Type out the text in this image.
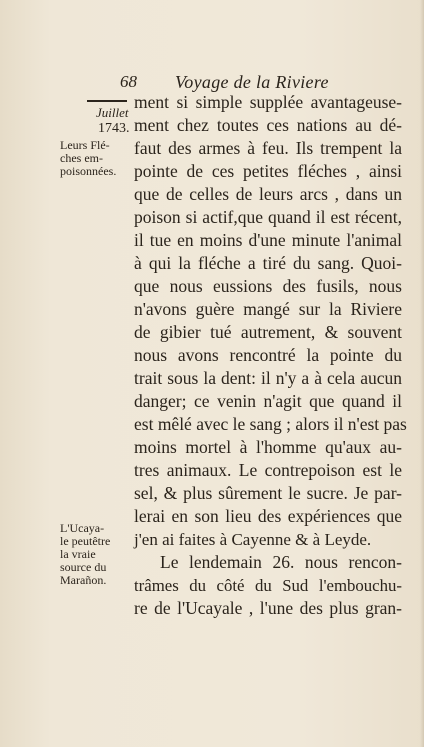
68 Voyage de la Riviere
Juillet
1743.
Leurs Flé-
ches em-
poisonnées.
L'Ucaya-
le peutêtre
la vraie
source du
Marañon.
ment si simple supplée avantageuse-
ment chez toutes ces nations au dé-
faut des armes à feu. Ils trempent la
pointe de ces petites fléches , ainsi
que de celles de leurs arcs , dans un
poison si actif,que quand il est récent,
il tue en moins d'une minute l'animal
à qui la fléche a tiré du sang. Quoi-
que nous eussions des fusils, nous
n'avons guère mangé sur la Riviere
de gibier tué autrement, & souvent
nous avons rencontré la pointe du
trait sous la dent: il n'y a à cela aucun
danger; ce venin n'agit que quand il
est mêlé avec le sang ; alors il n'est pas
moins mortel à l'homme qu'aux au-
tres animaux. Le contrepoison est le
sel, & plus sûrement le sucre. Je par-
lerai en son lieu des expériences que
j'en ai faites à Cayenne & à Leyde.
Le lendemain 26. nous rencon-
trâmes du côté du Sud l'embouchu-
re de l'Ucayale , l'une des plus gran-
